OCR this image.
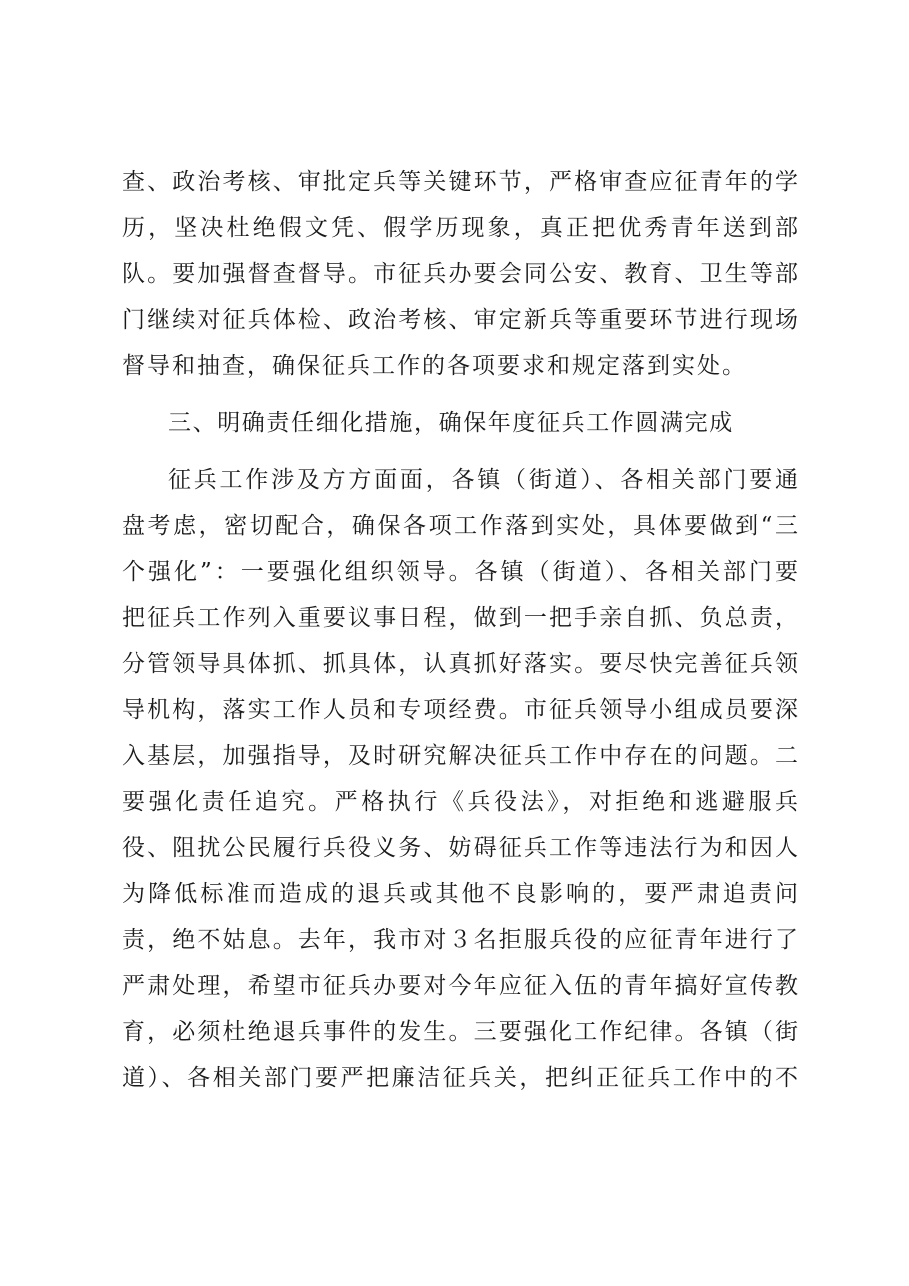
查、政治考核、审批定兵等关键环节，严格审查应征青年的学
历，坚决杜绝假文凭、假学历现象，真正把优秀青年送到部
队。要加强督查督导。市征兵办要会同公安、教育、卫生等部
门继续对征兵体检、政治考核、审定新兵等重要环节进行现场
督导和抽查，确保征兵工作的各项要求和规定落到实处。
三、明确责任细化措施，确保年度征兵工作圆满完成
征兵工作涉及方方面面，各镇（街道）、各相关部门要通
盘考虑，密切配合，确保各项工作落到实处，具体要做到“三
个强化”：一要强化组织领导。各镇（街道）、各相关部门要
把征兵工作列入重要议事日程，做到一把手亲自抓、负总责，
分管领导具体抓、抓具体，认真抓好落实。要尽快完善征兵领
导机构，落实工作人员和专项经费。市征兵领导小组成员要深
入基层，加强指导，及时研究解决征兵工作中存在的问题。二
要强化责任追究。严格执行《兵役法》，对拒绝和逃避服兵
役、阻扰公民履行兵役义务、妨碍征兵工作等违法行为和因人
为降低标准而造成的退兵或其他不良影响的，要严肃追责问
责，绝不姑息。去年，我市对３名拒服兵役的应征青年进行了
严肃处理，希望市征兵办要对今年应征入伍的青年搞好宣传教
育，必须杜绝退兵事件的发生。三要强化工作纪律。各镇（街
道）、各相关部门要严把廉洁征兵关，把纠正征兵工作中的不
